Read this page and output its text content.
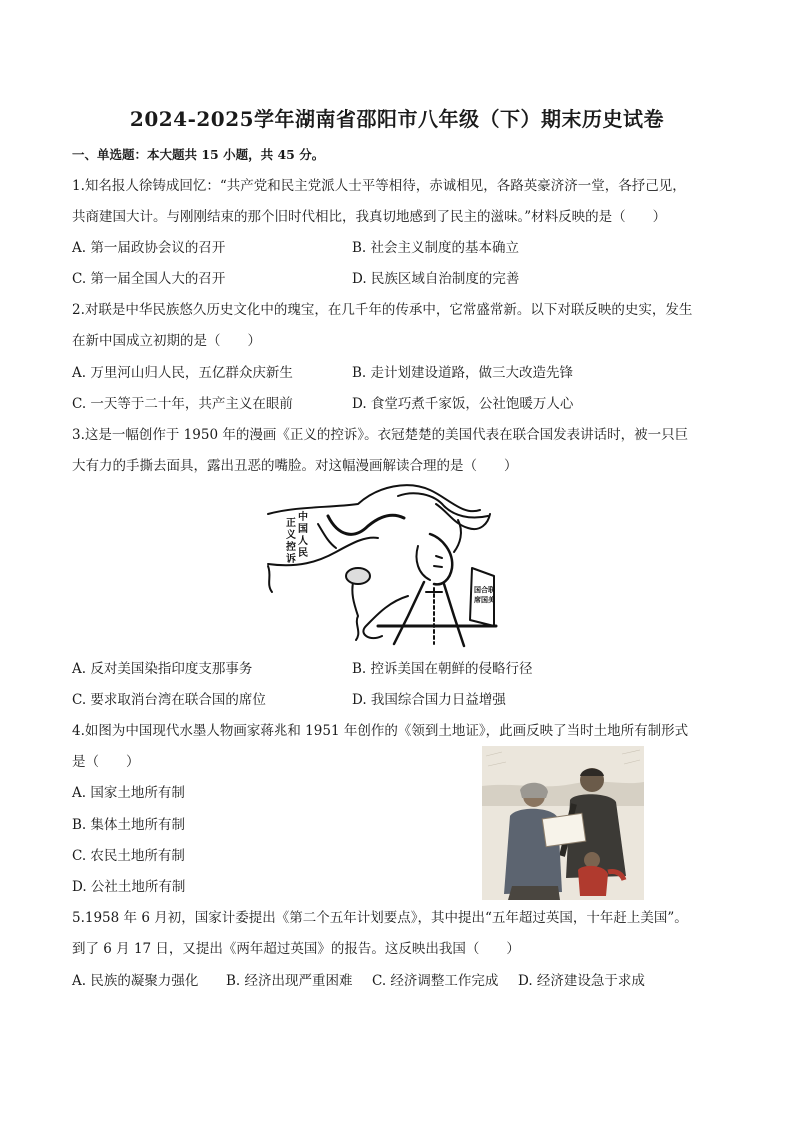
2024-2025学年湖南省邵阳市八年级（下）期末历史试卷
一、单选题：本大题共 15 小题，共 45 分。
1.知名报人徐铸成回忆：“共产党和民主党派人士平等相待，赤诚相见，各路英豪济济一堂，各抒己见，
共商建国大计。与刚刚结束的那个旧时代相比，我真切地感到了民主的滋味。”材料反映的是（　　）
A. 第一届政协会议的召开	B. 社会主义制度的基本确立
C. 第一届全国人大的召开	D. 民族区域自治制度的完善
2.对联是中华民族悠久历史文化中的瑰宝，在几千年的传承中，它常盛常新。以下对联反映的史实，发生
在新中国成立初期的是（　　）
A. 万里河山归人民，五亿群众庆新生	B. 走计划建设道路，做三大改造先锋
C. 一天等于二十年，共产主义在眼前	D. 食堂巧煮千家饭，公社饱暖万人心
3.这是一幅创作于 1950 年的漫画《正义的控诉》。衣冠楚楚的美国代表在联合国发表讲话时，被一只巨
大有力的手撕去面具，露出丑恶的嘴脸。对这幅漫画解读合理的是（　　）
正
义
控
诉
中
国
人
民
国合联
席国美
A. 反对美国染指印度支那事务	B. 控诉美国在朝鲜的侵略行径
C. 要求取消台湾在联合国的席位	D. 我国综合国力日益增强
4.如图为中国现代水墨人物画家蒋兆和 1951 年创作的《领到土地证》，此画反映了当时土地所有制形式
是（　　）
A. 国家土地所有制
B. 集体土地所有制
C. 农民土地所有制
D. 公社土地所有制
5.1958 年 6 月初，国家计委提出《第二个五年计划要点》，其中提出“五年超过英国，十年赶上美国”。
到了 6 月 17 日，又提出《两年超过英国》的报告。这反映出我国（　　）
A. 民族的凝聚力强化 B. 经济出现严重困难 C. 经济调整工作完成 D. 经济建设急于求成
